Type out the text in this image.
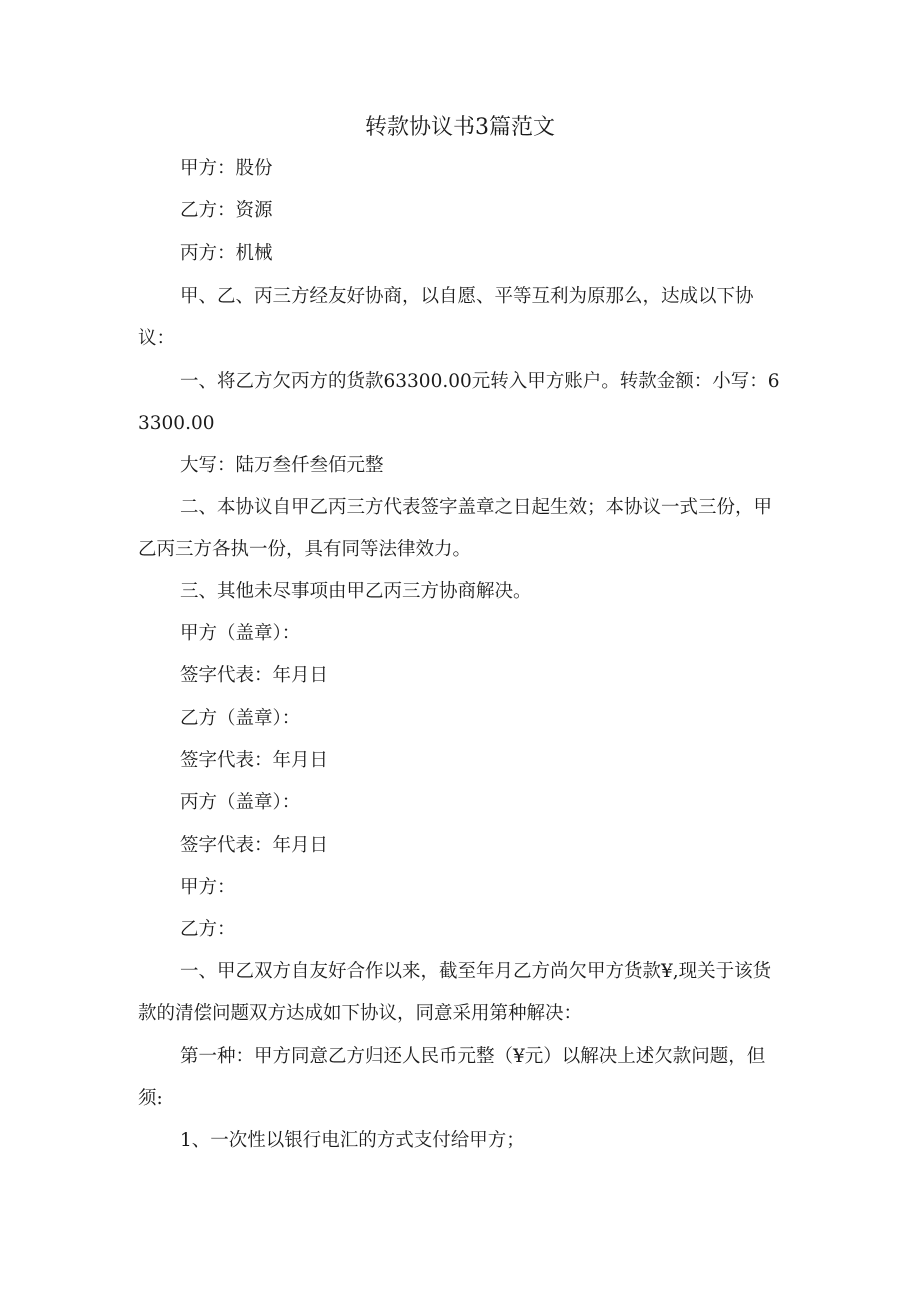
转款协议书3篇范文

甲方：股份

乙方：资源

丙方：机械

甲、乙、丙三方经友好协商，以自愿、平等互利为原那么，达成以下协议：

一、将乙方欠丙方的货款63300.00元转入甲方账户。转款金额：小写：63300.00

大写：陆万叁仟叁佰元整

二、本协议自甲乙丙三方代表签字盖章之日起生效；本协议一式三份，甲乙丙三方各执一份，具有同等法律效力。

三、其他未尽事项由甲乙丙三方协商解决。

甲方（盖章）：

签字代表：年月日

乙方（盖章）：

签字代表：年月日

丙方（盖章）：

签字代表：年月日

甲方：

乙方：

一、甲乙双方自友好合作以来，截至年月乙方尚欠甲方货款¥,现关于该货款的清偿问题双方达成如下协议，同意采用第种解决：

第一种：甲方同意乙方归还人民币元整（¥元）以解决上述欠款问题，但须:

1、一次性以银行电汇的方式支付给甲方；
